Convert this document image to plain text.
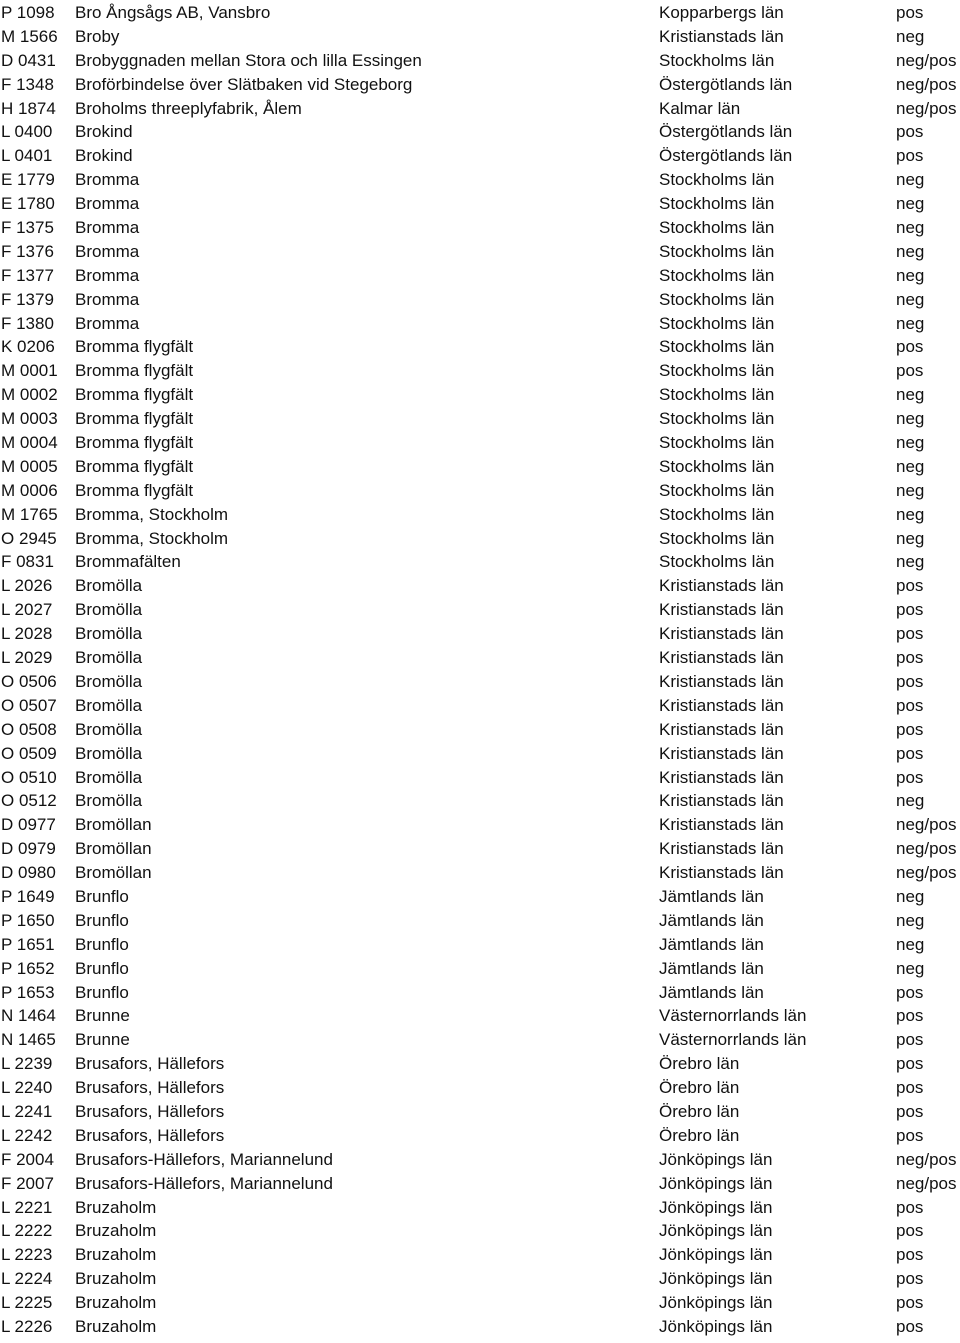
P 1098 Bro Ångsågs AB, Vansbro	Kopparbergs län	pos
M 1566 Broby	Kristianstads län	neg
D 0431 Brobyggnaden mellan Stora och lilla Essingen	Stockholms län	neg/pos
F 1348 Broförbindelse över Slätbaken vid Stegeborg	Östergötlands län	neg/pos
H 1874 Broholms threeplyfabrik, Ålem	Kalmar län	neg/pos
L 0400 Brokind	Östergötlands län	pos
L 0401 Brokind	Östergötlands län	pos
E 1779 Bromma	Stockholms län	neg
E 1780 Bromma	Stockholms län	neg
F 1375 Bromma	Stockholms län	neg
F 1376 Bromma	Stockholms län	neg
F 1377 Bromma	Stockholms län	neg
F 1379 Bromma	Stockholms län	neg
F 1380 Bromma	Stockholms län	neg
K 0206 Bromma flygfält	Stockholms län	pos
M 0001 Bromma flygfält	Stockholms län	pos
M 0002 Bromma flygfält	Stockholms län	neg
M 0003 Bromma flygfält	Stockholms län	neg
M 0004 Bromma flygfält	Stockholms län	neg
M 0005 Bromma flygfält	Stockholms län	neg
M 0006 Bromma flygfält	Stockholms län	neg
M 1765 Bromma, Stockholm	Stockholms län	neg
O 2945 Bromma, Stockholm	Stockholms län	neg
F 0831 Brommafälten	Stockholms län	neg
L 2026 Bromölla	Kristianstads län	pos
L 2027 Bromölla	Kristianstads län	pos
L 2028 Bromölla	Kristianstads län	pos
L 2029 Bromölla	Kristianstads län	pos
O 0506 Bromölla	Kristianstads län	pos
O 0507 Bromölla	Kristianstads län	pos
O 0508 Bromölla	Kristianstads län	pos
O 0509 Bromölla	Kristianstads län	pos
O 0510 Bromölla	Kristianstads län	pos
O 0512 Bromölla	Kristianstads län	neg
D 0977 Bromöllan	Kristianstads län	neg/pos
D 0979 Bromöllan	Kristianstads län	neg/pos
D 0980 Bromöllan	Kristianstads län	neg/pos
P 1649 Brunflo	Jämtlands län	neg
P 1650 Brunflo	Jämtlands län	neg
P 1651 Brunflo	Jämtlands län	neg
P 1652 Brunflo	Jämtlands län	neg
P 1653 Brunflo	Jämtlands län	pos
N 1464 Brunne	Västernorrlands län	pos
N 1465 Brunne	Västernorrlands län	pos
L 2239 Brusafors, Hällefors	Örebro län	pos
L 2240 Brusafors, Hällefors	Örebro län	pos
L 2241 Brusafors, Hällefors	Örebro län	pos
L 2242 Brusafors, Hällefors	Örebro län	pos
F 2004 Brusafors-Hällefors, Mariannelund	Jönköpings län	neg/pos
F 2007 Brusafors-Hällefors, Mariannelund	Jönköpings län	neg/pos
L 2221 Bruzaholm	Jönköpings län	pos
L 2222 Bruzaholm	Jönköpings län	pos
L 2223 Bruzaholm	Jönköpings län	pos
L 2224 Bruzaholm	Jönköpings län	pos
L 2225 Bruzaholm	Jönköpings län	pos
L 2226 Bruzaholm	Jönköpings län	pos
